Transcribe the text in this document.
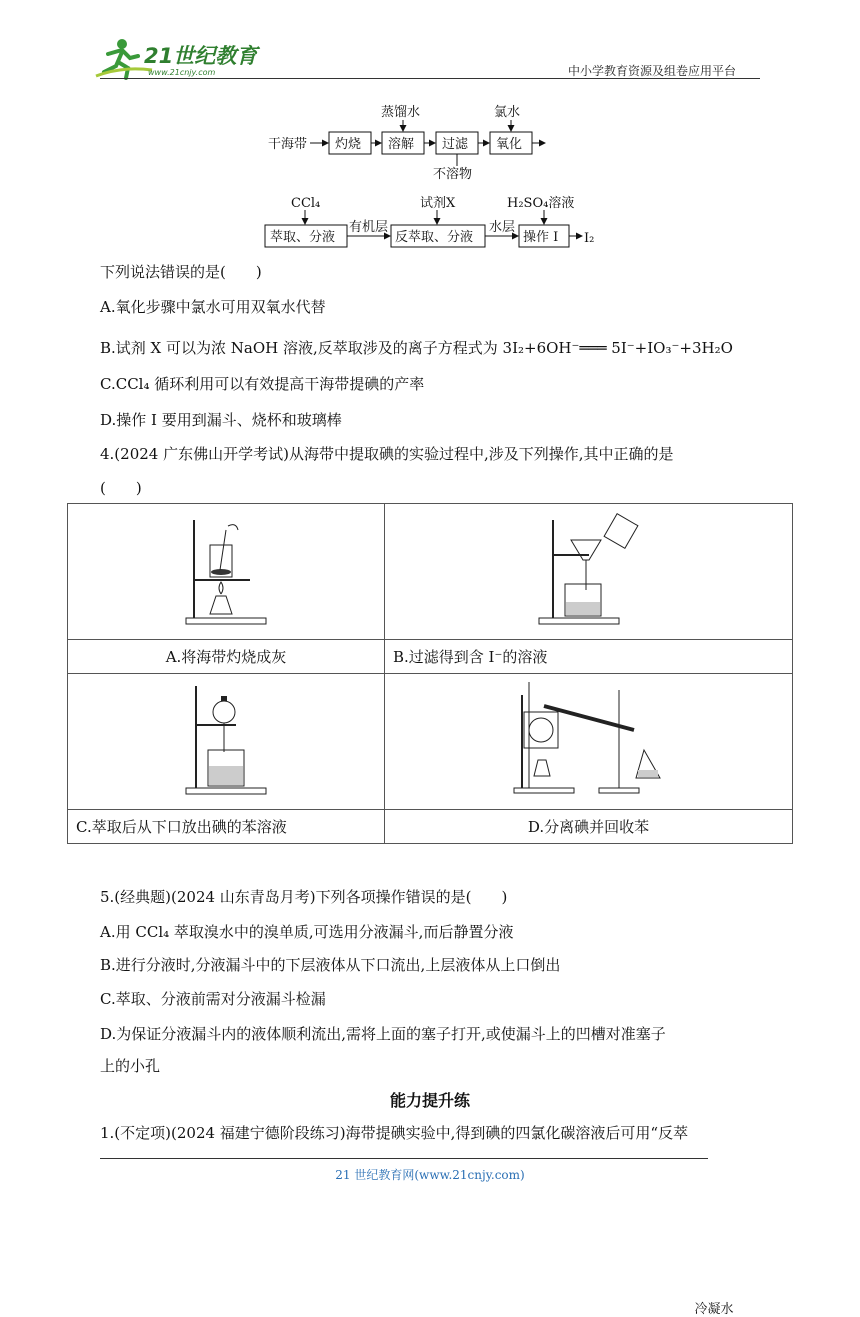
21世纪教育
www.21cnjy.com	中小学教育资源及组卷应用平台
干海带 灼烧 溶解
蒸馏水
过滤
不溶物
氧化
氯水
CCl₄
萃取、分液
有机层
反萃取、分液
试剂X
水层
操作 Ⅰ
H₂SO₄溶液
I₂
下列说法错误的是(　　)
A.氧化步骤中氯水可用双氧水代替
B.试剂 X 可以为浓 NaOH 溶液,反萃取涉及的离子方程式为 3I₂+6OH⁻═══ 5I⁻+IO₃⁻+3H₂O
C.CCl₄ 循环利用可以有效提高干海带提碘的产率
D.操作 Ⅰ 要用到漏斗、烧杯和玻璃棒
4.(2024 广东佛山开学考试)从海带中提取碘的实验过程中,涉及下列操作,其中正确的是
(　　)

A.将海带灼烧成灰	B.过滤得到含 I⁻的溶液

冷凝水

C.萃取后从下口放出碘的苯溶液	D.分离碘并回收苯
5.(经典题)(2024 山东青岛月考)下列各项操作错误的是(　　)
A.用 CCl₄ 萃取溴水中的溴单质,可选用分液漏斗,而后静置分液
B.进行分液时,分液漏斗中的下层液体从下口流出,上层液体从上口倒出
C.萃取、分液前需对分液漏斗检漏
D.为保证分液漏斗内的液体顺利流出,需将上面的塞子打开,或使漏斗上的凹槽对准塞子
上的小孔
能力提升练
1.(不定项)(2024 福建宁德阶段练习)海带提碘实验中,得到碘的四氯化碳溶液后可用“反萃
21 世纪教育网(www.21cnjy.com)
